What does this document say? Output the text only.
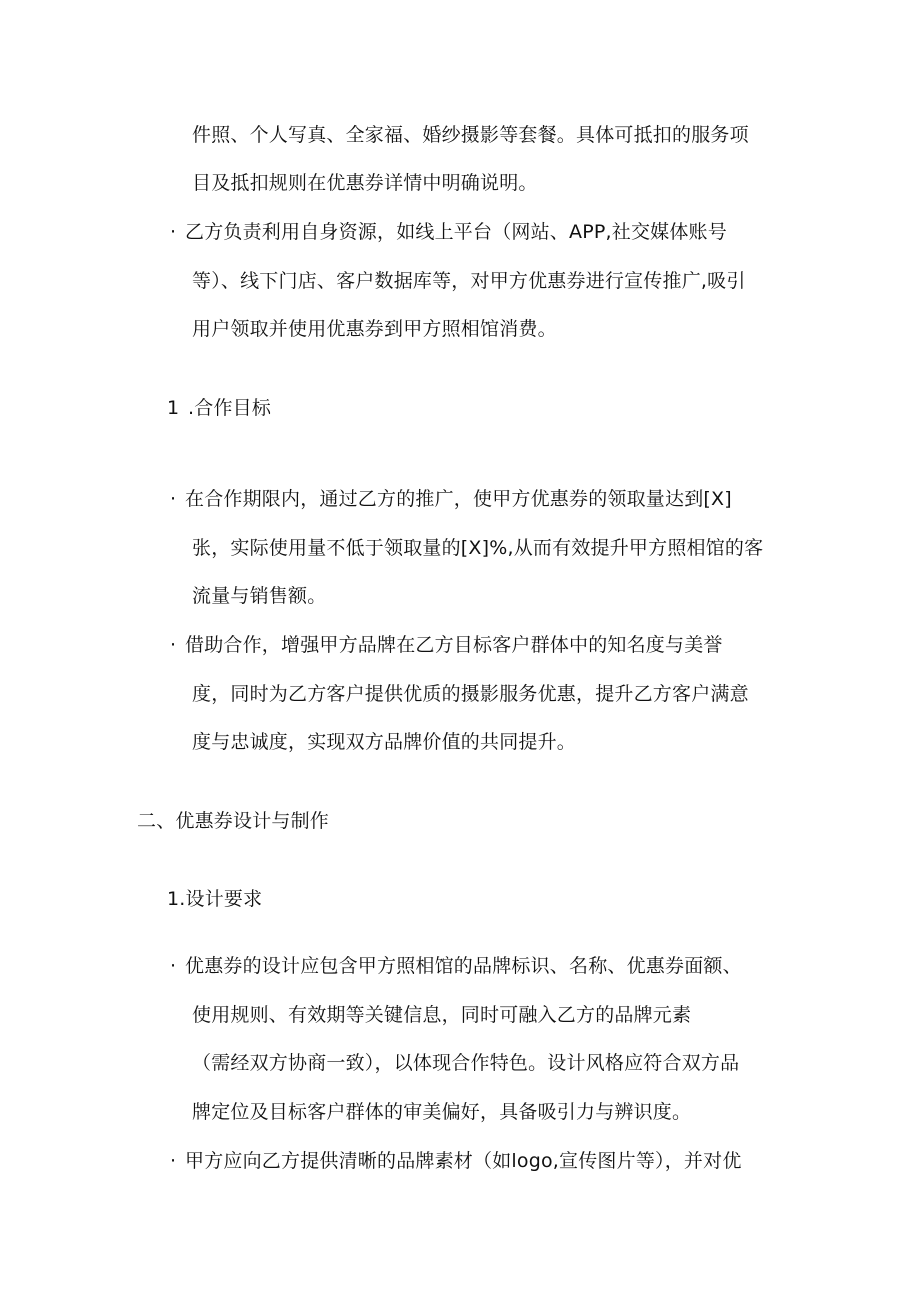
件照、个人写真、全家福、婚纱摄影等套餐。具体可抵扣的服务项

目及抵扣规则在优惠券详情中明确说明。

· 乙方负责利用自身资源，如线上平台（网站、APP,社交媒体账号

等）、线下门店、客户数据库等，对甲方优惠券进行宣传推广,吸引

用户领取并使用优惠券到甲方照相馆消费。

1 .合作目标
· 在合作期限内，通过乙方的推广，使甲方优惠券的领取量达到[X]

张，实际使用量不低于领取量的[X]%,从而有效提升甲方照相馆的客

流量与销售额。

· 借助合作，增强甲方品牌在乙方目标客户群体中的知名度与美誉

度，同时为乙方客户提供优质的摄影服务优惠，提升乙方客户满意

度与忠诚度，实现双方品牌价值的共同提升。

二、优惠券设计与制作

1.设计要求

· 优惠券的设计应包含甲方照相馆的品牌标识、名称、优惠券面额、

使用规则、有效期等关键信息，同时可融入乙方的品牌元素

（需经双方协商一致），以体现合作特色。设计风格应符合双方品

牌定位及目标客户群体的审美偏好，具备吸引力与辨识度。

· 甲方应向乙方提供清晰的品牌素材（如logo,宣传图片等），并对优
